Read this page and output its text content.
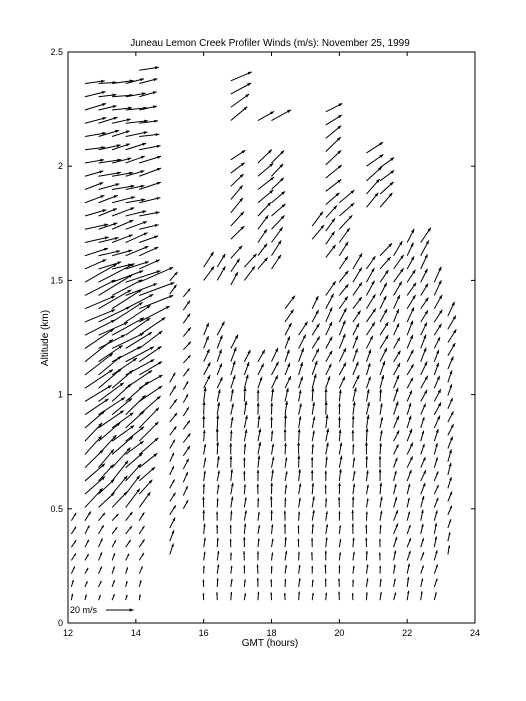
Juneau Lemon Creek Profiler Winds (m/s): November 25, 1999
12	14	16	18	20	22	24
0
0.5
1
1.5
2
2.5
GMT (hours)
Altitude (km)
20 m/s
